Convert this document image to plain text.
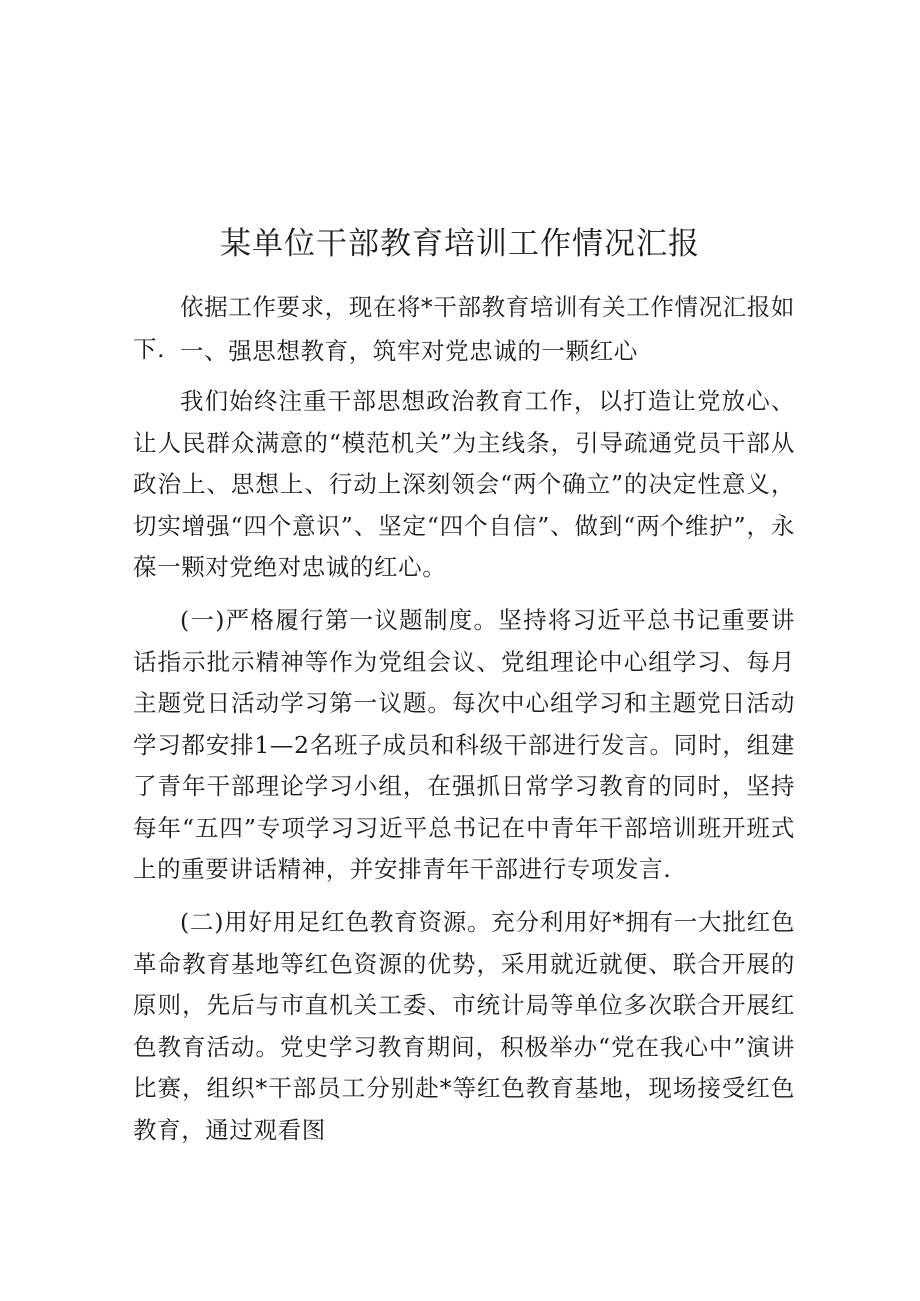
某单位干部教育培训工作情况汇报

依据工作要求，现在将*干部教育培训有关工作情况汇报如下. 一、强思想教育，筑牢对党忠诚的一颗红心

我们始终注重干部思想政治教育工作，以打造让党放心、让人民群众满意的“模范机关”为主线条，引导疏通党员干部从政治上、思想上、行动上深刻领会“两个确立”的决定性意义，切实增强“四个意识”、坚定“四个自信”、做到“两个维护”，永葆一颗对党绝对忠诚的红心。

(一)严格履行第一议题制度。坚持将习近平总书记重要讲话指示批示精神等作为党组会议、党组理论中心组学习、每月主题党日活动学习第一议题。每次中心组学习和主题党日活动学习都安排1—2名班子成员和科级干部进行发言。同时，组建了青年干部理论学习小组，在强抓日常学习教育的同时，坚持每年“五四”专项学习习近平总书记在中青年干部培训班开班式上的重要讲话精神，并安排青年干部进行专项发言.

(二)用好用足红色教育资源。充分利用好*拥有一大批红色革命教育基地等红色资源的优势，采用就近就便、联合开展的原则，先后与市直机关工委、市统计局等单位多次联合开展红色教育活动。党史学习教育期间，积极举办“党在我心中”演讲比赛，组织*干部员工分别赴*等红色教育基地，现场接受红色教育，通过观看图
